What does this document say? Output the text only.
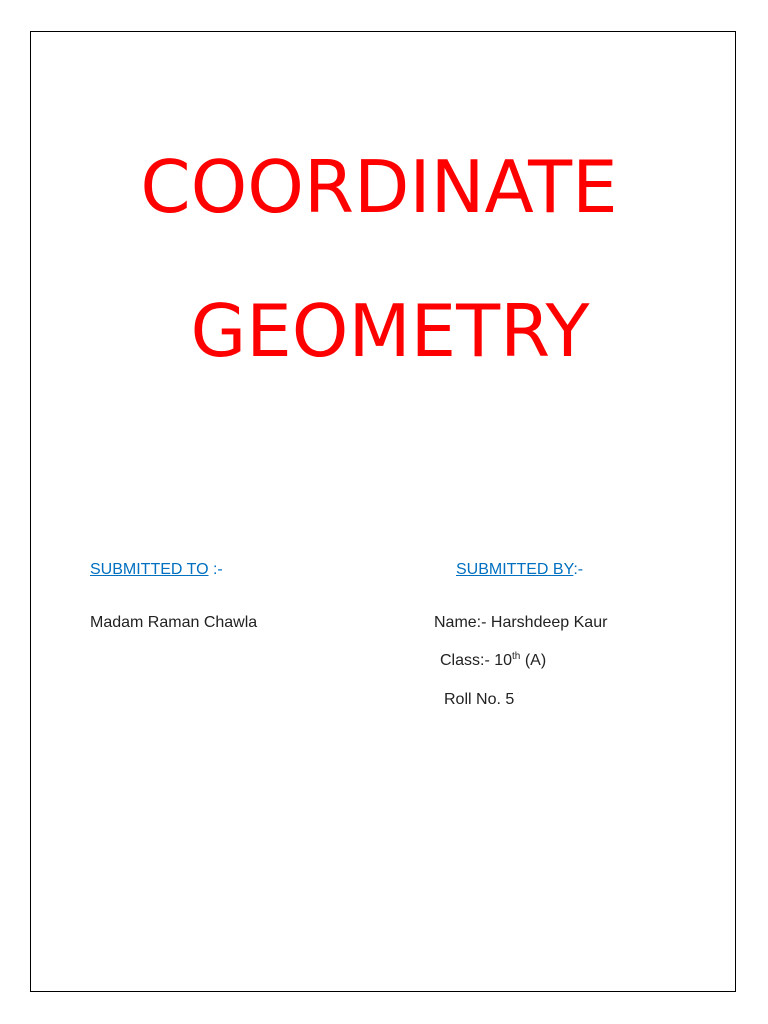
COORDINATE
GEOMETRY
SUBMITTED TO :-	SUBMITTED BY:-
Madam Raman Chawla	Name:- Harshdeep Kaur
Class:- 10th (A)
Roll No. 5
